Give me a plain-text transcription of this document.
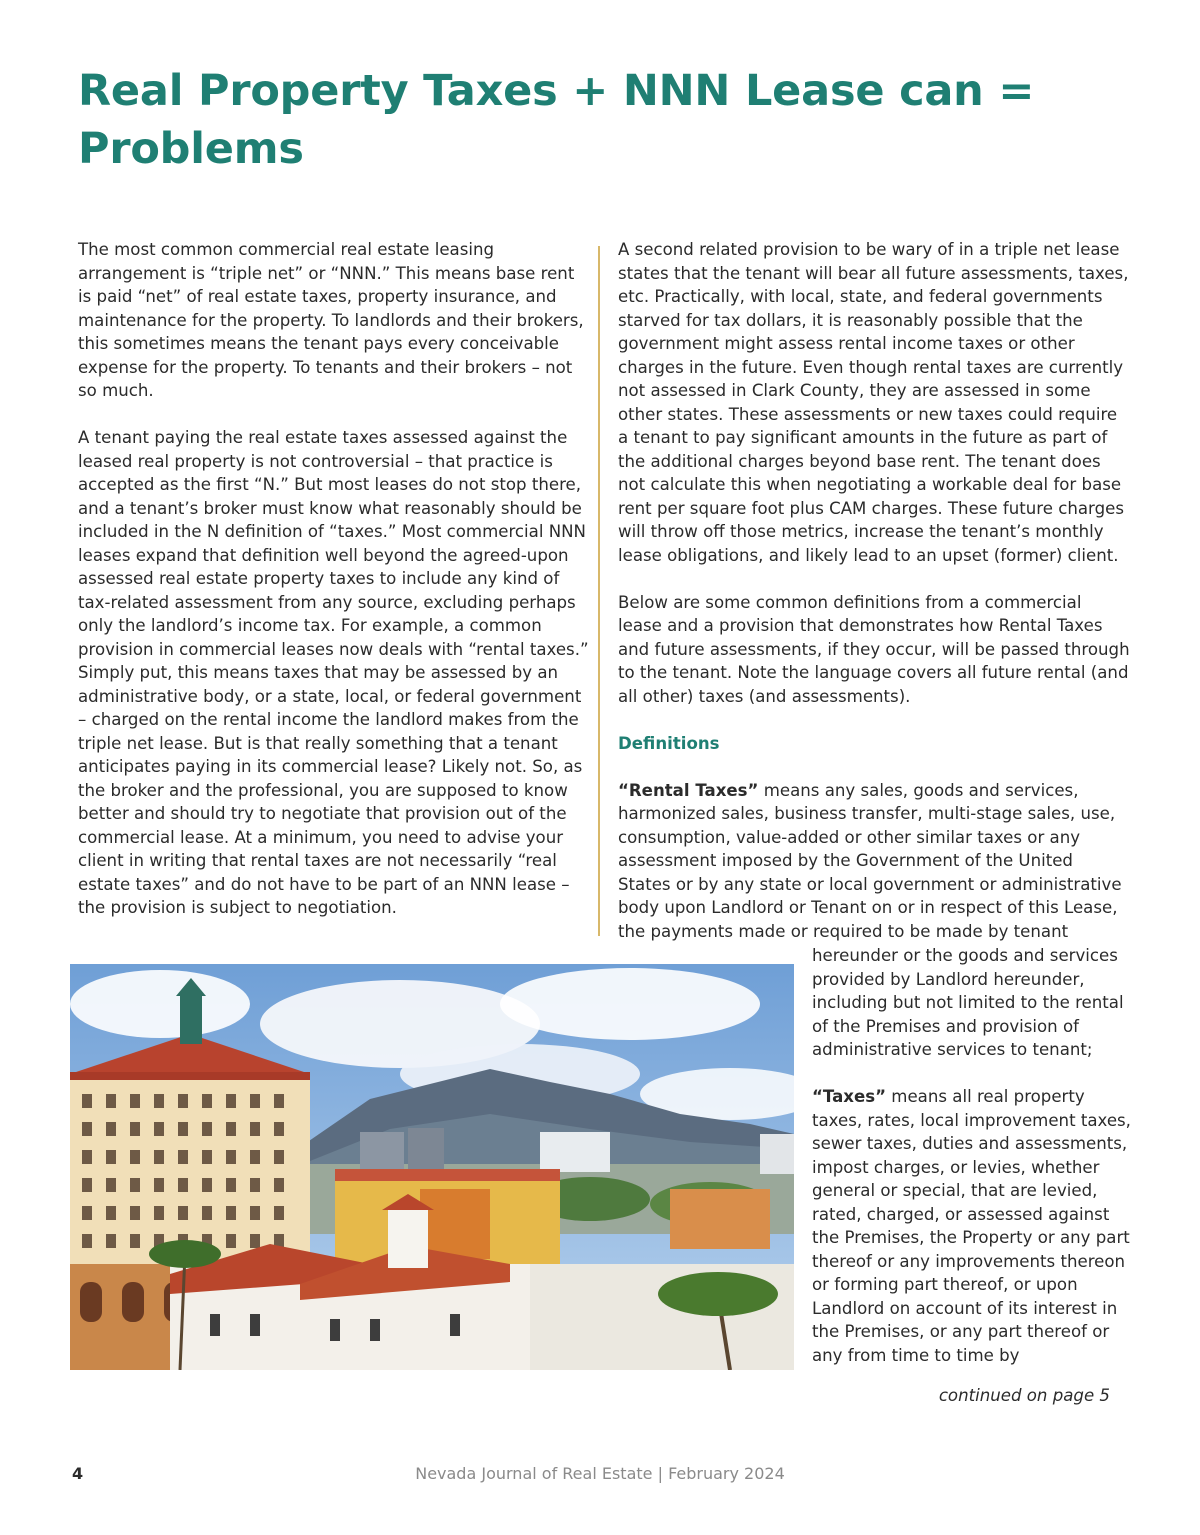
Real Property Taxes + NNN Lease can = Problems

The most common commercial real estate leasing arrangement is “triple net” or “NNN.” This means base rent is paid “net” of real estate taxes, property insurance, and maintenance for the property. To landlords and their brokers, this sometimes means the tenant pays every conceivable expense for the property. To tenants and their brokers – not so much.

A tenant paying the real estate taxes assessed against the leased real property is not controversial – that practice is accepted as the first “N.” But most leases do not stop there, and a tenant’s broker must know what reasonably should be included in the N definition of “taxes.” Most commercial NNN leases expand that definition well beyond the agreed-upon assessed real estate property taxes to include any kind of tax-related assessment from any source, excluding perhaps only the landlord’s income tax. For example, a common provision in commercial leases now deals with “rental taxes.” Simply put, this means taxes that may be assessed by an administrative body, or a state, local, or federal government – charged on the rental income the landlord makes from the triple net lease. But is that really something that a tenant anticipates paying in its commercial lease? Likely not. So, as the broker and the professional, you are supposed to know better and should try to negotiate that provision out of the commercial lease. At a minimum, you need to advise your client in writing that rental taxes are not necessarily “real estate taxes” and do not have to be part of an NNN lease – the provision is subject to negotiation.

A second related provision to be wary of in a triple net lease states that the tenant will bear all future assessments, taxes, etc. Practically, with local, state, and federal governments starved for tax dollars, it is reasonably possible that the government might assess rental income taxes or other charges in the future. Even though rental taxes are currently not assessed in Clark County, they are assessed in some other states. These assessments or new taxes could require a tenant to pay significant amounts in the future as part of the additional charges beyond base rent. The tenant does not calculate this when negotiating a workable deal for base rent per square foot plus CAM charges. These future charges will throw off those metrics, increase the tenant’s monthly lease obligations, and likely lead to an upset (former) client.

Below are some common definitions from a commercial lease and a provision that demonstrates how Rental Taxes and future assessments, if they occur, will be passed through to the tenant. Note the language covers all future rental (and all other) taxes (and assessments).

Definitions

“Rental Taxes” means any sales, goods and services, harmonized sales, business transfer, multi-stage sales, use, consumption, value-added or other similar taxes or any assessment imposed by the Government of the United States or by any state or local government or administrative body upon Landlord or Tenant on or in respect of this Lease, the payments made or required to be made by tenant

hereunder or the goods and services provided by Landlord hereunder, including but not limited to the rental of the Premises and provision of administrative services to tenant;

“Taxes” means all real property taxes, rates, local improvement taxes, sewer taxes, duties and assessments, impost charges, or levies, whether general or special, that are levied, rated, charged, or assessed against the Premises, the Property or any part thereof or any improvements thereon or forming part thereof, or upon Landlord on account of its interest in the Premises, or any part thereof or any from time to time by

continued on page 5
Nevada Journal of Real Estate | February 2024
4
